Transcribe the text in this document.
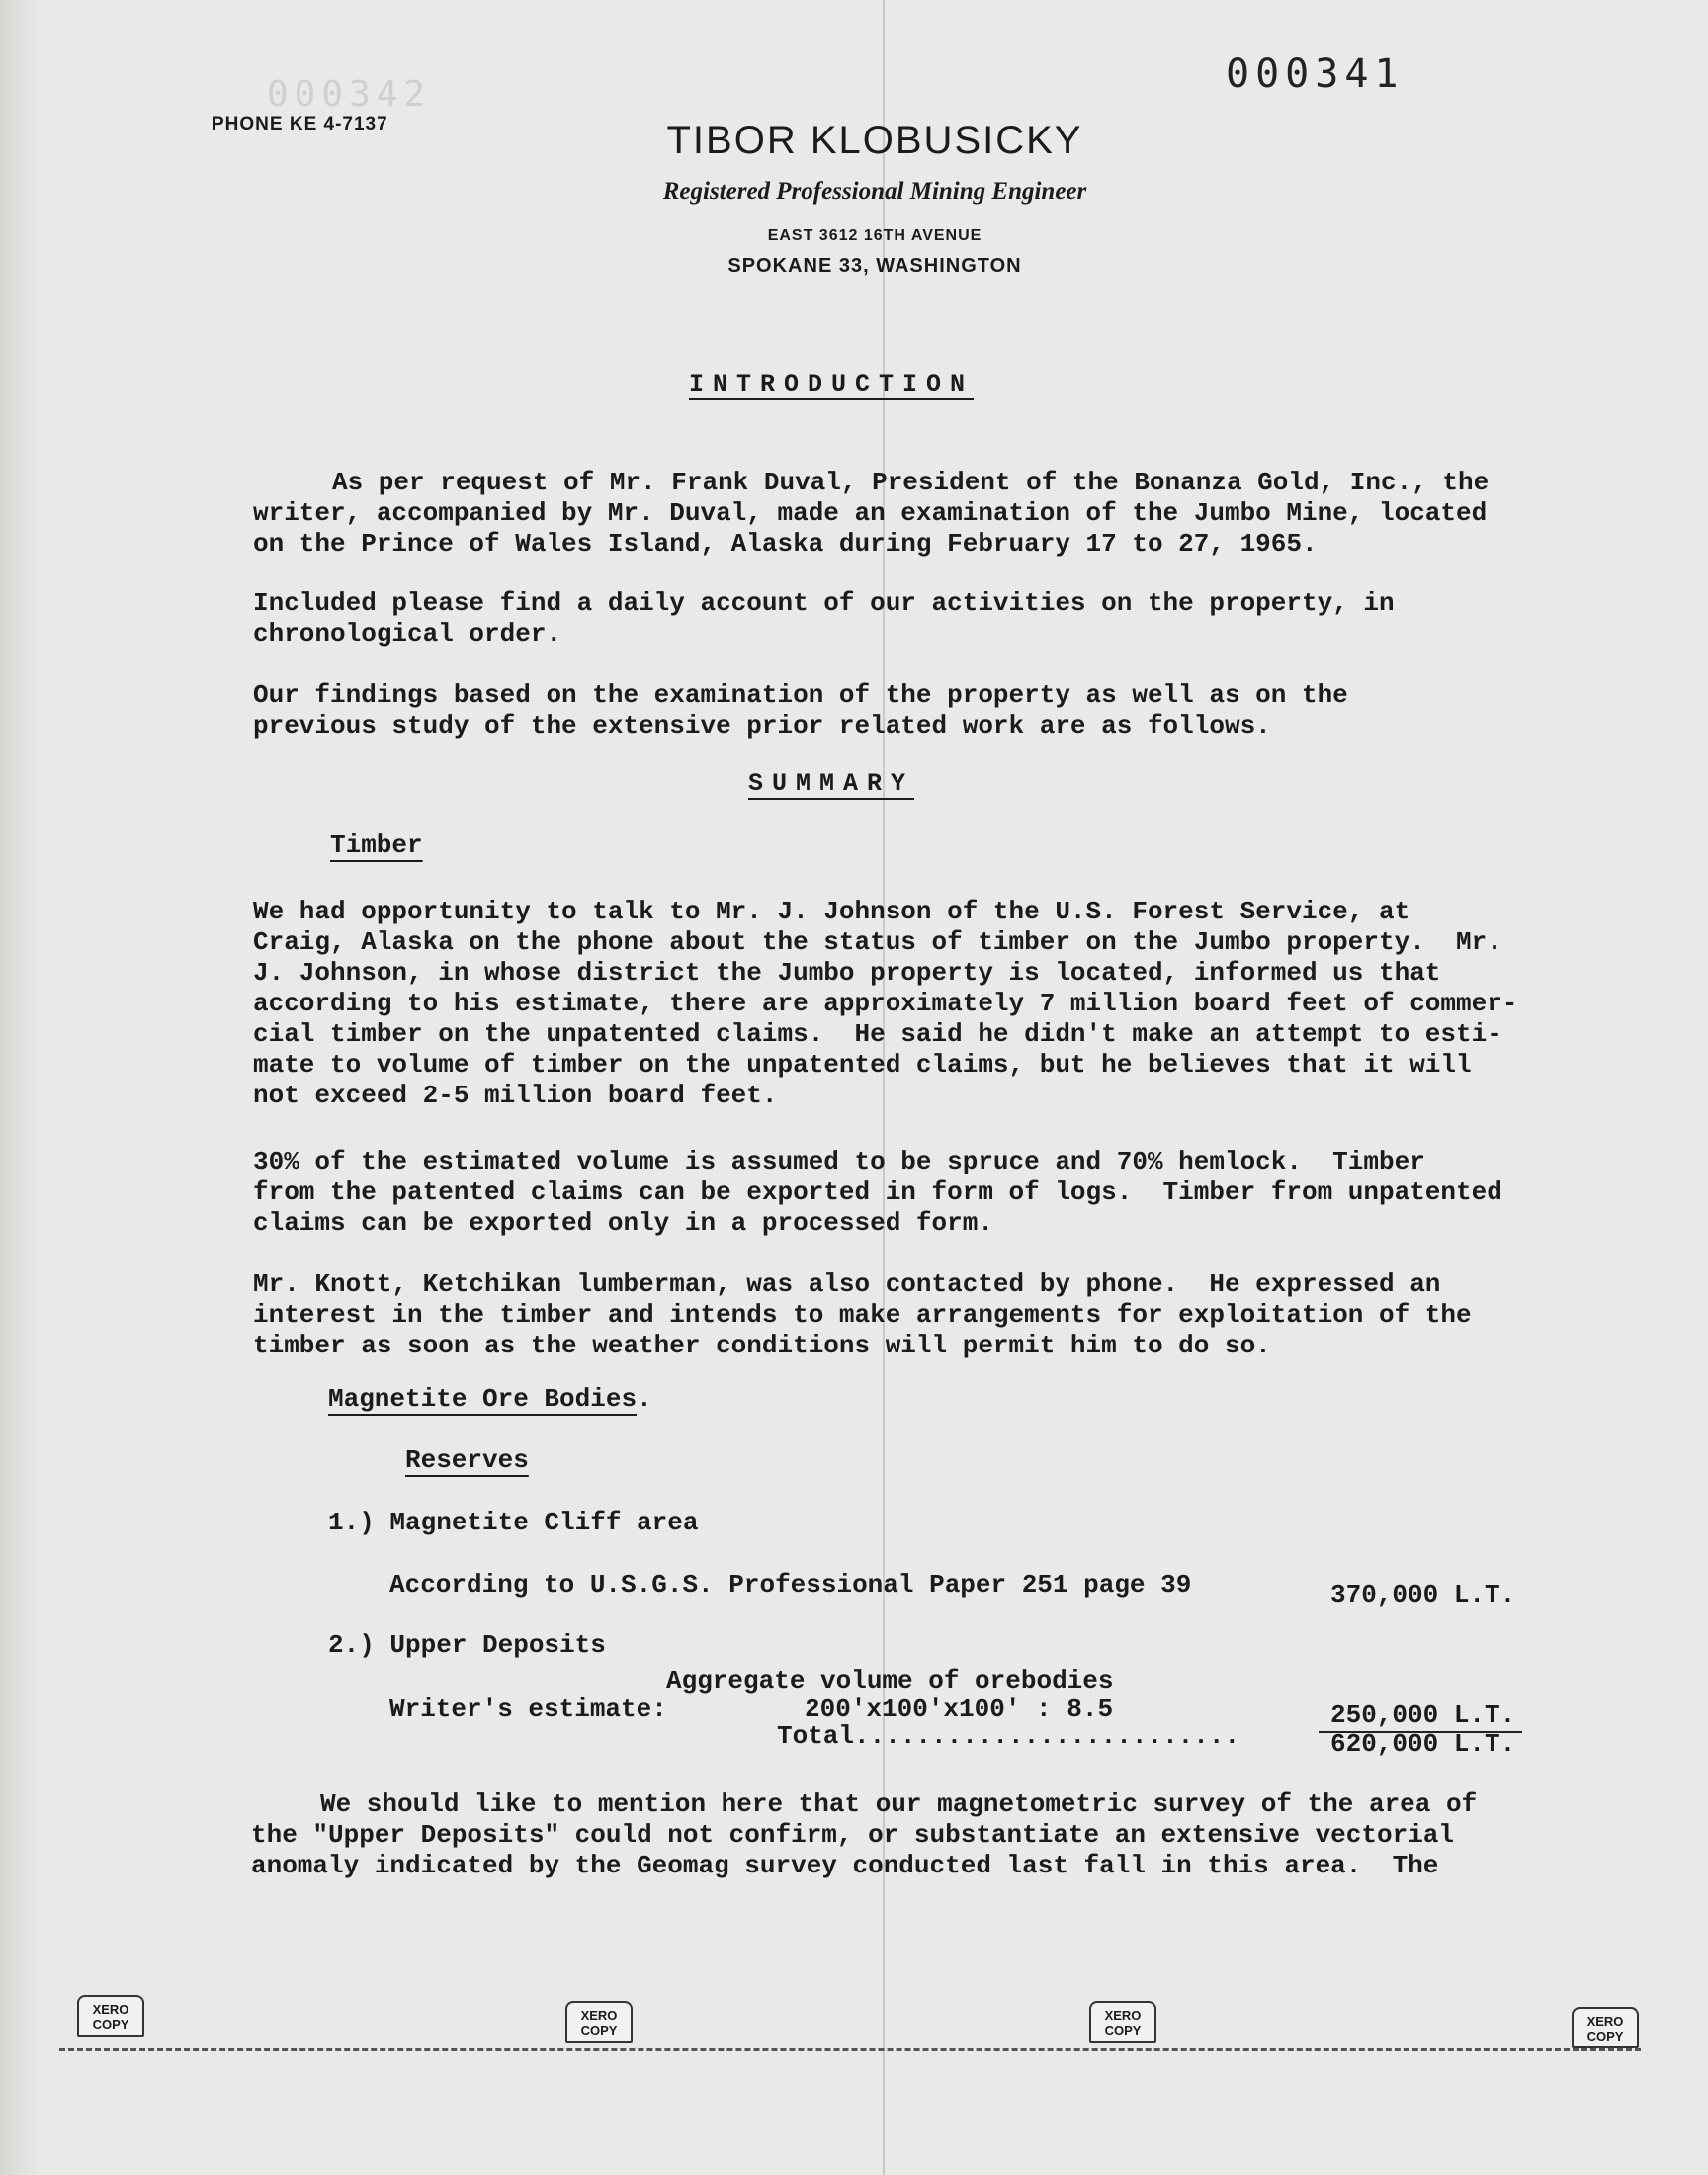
000342	000341
PHONE KE 4-7137	TIBOR KLOBUSICKY
Registered Professional Mining Engineer
EAST 3612 16TH AVENUE
SPOKANE 33, WASHINGTON
INTRODUCTION
As per request of Mr. Frank Duval, President of the Bonanza Gold, Inc., the
writer, accompanied by Mr. Duval, made an examination of the Jumbo Mine, located
on the Prince of Wales Island, Alaska during February 17 to 27, 1965.
Included please find a daily account of our activities on the property, in
chronological order.
Our findings based on the examination of the property as well as on the
previous study of the extensive prior related work are as follows.
SUMMARY
Timber
We had opportunity to talk to Mr. J. Johnson of the U.S. Forest Service, at
Craig, Alaska on the phone about the status of timber on the Jumbo property.  Mr.
J. Johnson, in whose district the Jumbo property is located, informed us that
according to his estimate, there are approximately 7 million board feet of commer-
cial timber on the unpatented claims.  He said he didn't make an attempt to esti-
mate to volume of timber on the unpatented claims, but he believes that it will
not exceed 2-5 million board feet.
30% of the estimated volume is assumed to be spruce and 70% hemlock.  Timber
from the patented claims can be exported in form of logs.  Timber from unpatented
claims can be exported only in a processed form.
Mr. Knott, Ketchikan lumberman, was also contacted by phone.  He expressed an
interest in the timber and intends to make arrangements for exploitation of the
timber as soon as the weather conditions will permit him to do so.
Magnetite Ore Bodies.
Reserves
1.) Magnetite Cliff area
According to U.S.G.S. Professional Paper 251 page 39	370,000 L.T.
2.) Upper Deposits
Aggregate volume of orebodies
Writer's estimate:	200'x100'x100' : 8.5	250,000 L.T.
Total.........................	620,000 L.T.
We should like to mention here that our magnetometric survey of the area of
the "Upper Deposits" could not confirm, or substantiate an extensive vectorial
anomaly indicated by the Geomag survey conducted last fall in this area.  The
XERO
COPY
XERO
COPY
XERO
COPY
XERO
COPY
